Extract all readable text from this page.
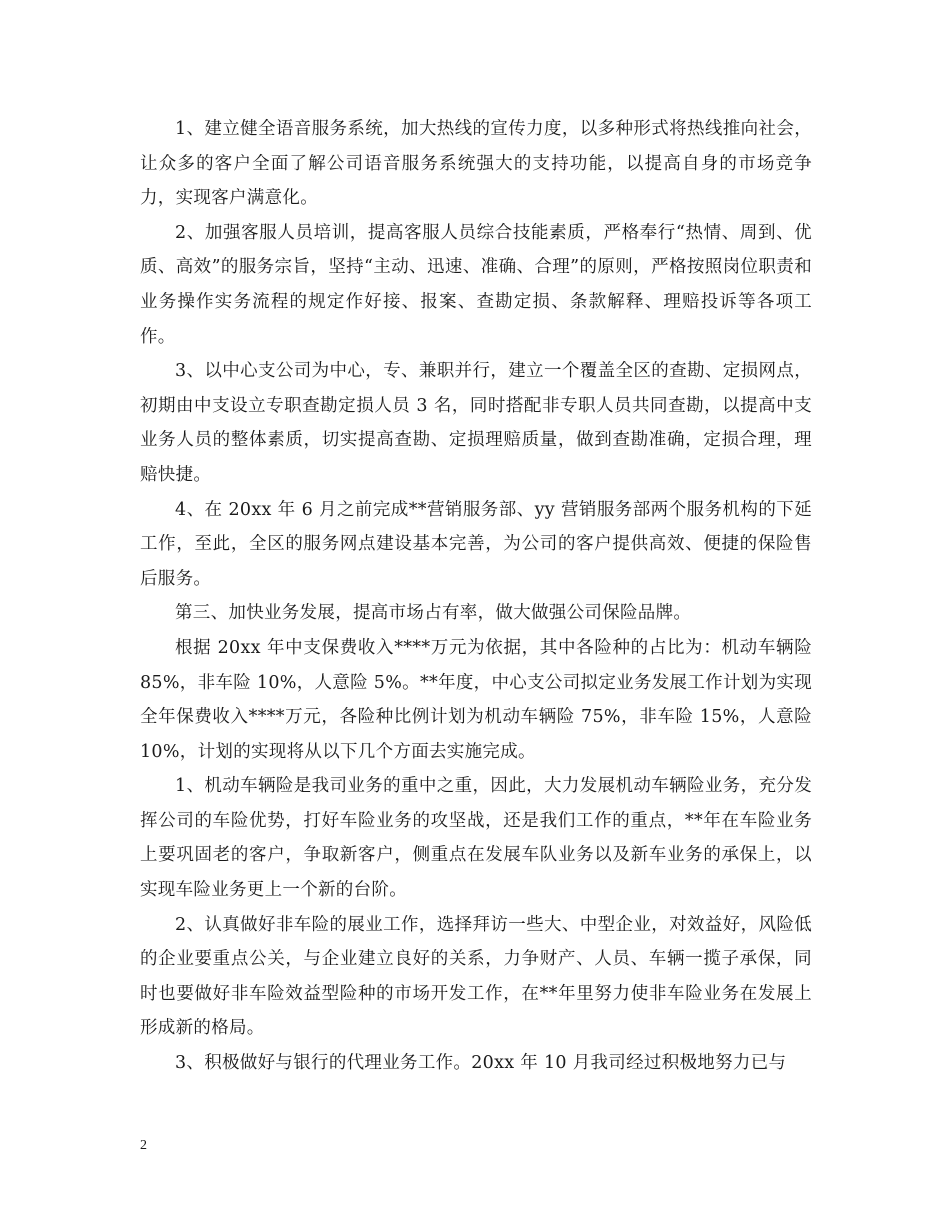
1、建立健全语音服务系统，加大热线的宣传力度，以多种形式将热线推向社会，让众多的客户全面了解公司语音服务系统强大的支持功能，以提高自身的市场竞争力，实现客户满意化。

2、加强客服人员培训，提高客服人员综合技能素质，严格奉行“热情、周到、优质、高效”的服务宗旨，坚持“主动、迅速、准确、合理”的原则，严格按照岗位职责和业务操作实务流程的规定作好接、报案、查勘定损、条款解释、理赔投诉等各项工作。

3、以中心支公司为中心，专、兼职并行，建立一个覆盖全区的查勘、定损网点，初期由中支设立专职查勘定损人员 3 名，同时搭配非专职人员共同查勘，以提高中支业务人员的整体素质，切实提高查勘、定损理赔质量，做到查勘准确，定损合理，理赔快捷。

4、在 20xx 年 6 月之前完成**营销服务部、yy 营销服务部两个服务机构的下延工作，至此，全区的服务网点建设基本完善，为公司的客户提供高效、便捷的保险售后服务。

第三、加快业务发展，提高市场占有率，做大做强公司保险品牌。

根据 20xx 年中支保费收入****万元为依据，其中各险种的占比为：机动车辆险 85%，非车险 10%，人意险 5%。**年度，中心支公司拟定业务发展工作计划为实现全年保费收入****万元，各险种比例计划为机动车辆险 75%，非车险 15%，人意险 10%，计划的实现将从以下几个方面去实施完成。

1、机动车辆险是我司业务的重中之重，因此，大力发展机动车辆险业务，充分发挥公司的车险优势，打好车险业务的攻坚战，还是我们工作的重点，**年在车险业务上要巩固老的客户，争取新客户，侧重点在发展车队业务以及新车业务的承保上，以实现车险业务更上一个新的台阶。

2、认真做好非车险的展业工作，选择拜访一些大、中型企业，对效益好，风险低的企业要重点公关，与企业建立良好的关系，力争财产、人员、车辆一揽子承保，同时也要做好非车险效益型险种的市场开发工作，在**年里努力使非车险业务在发展上形成新的格局。

3、积极做好与银行的代理业务工作。20xx 年 10 月我司经过积极地努力已与

2
